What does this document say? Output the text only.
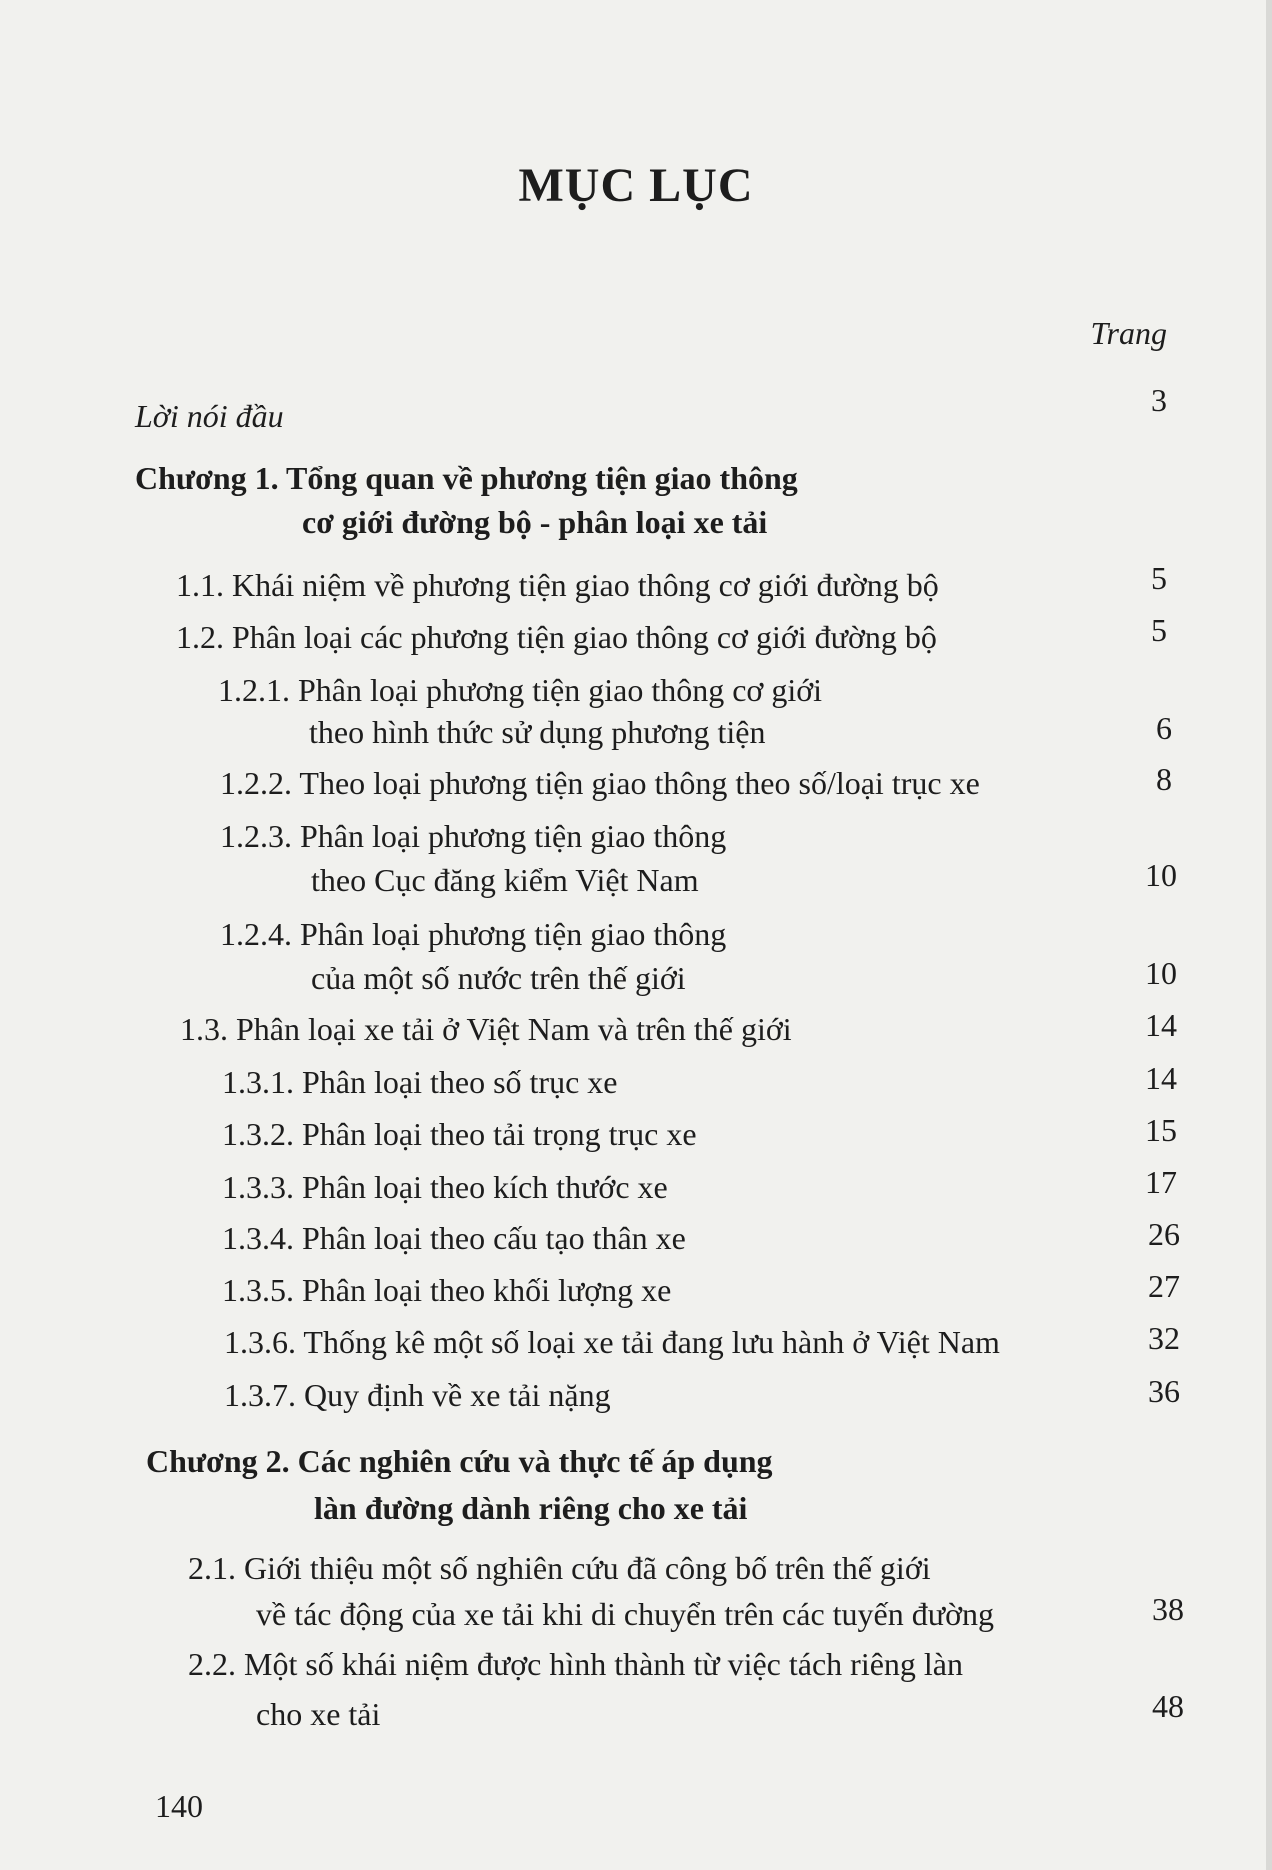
MỤC LỤC
Trang
Lời nói đầu	3
Chương 1. Tổng quan về phương tiện giao thông
cơ giới đường bộ - phân loại xe tải
1.1. Khái niệm về phương tiện giao thông cơ giới đường bộ	5
1.2. Phân loại các phương tiện giao thông cơ giới đường bộ	5
1.2.1. Phân loại phương tiện giao thông cơ giới
theo hình thức sử dụng phương tiện	6
1.2.2. Theo loại phương tiện giao thông theo số/loại trục xe	8
1.2.3. Phân loại phương tiện giao thông
theo Cục đăng kiểm Việt Nam	10
1.2.4. Phân loại phương tiện giao thông
của một số nước trên thế giới	10
1.3. Phân loại xe tải ở Việt Nam và trên thế giới	14
1.3.1. Phân loại theo số trục xe	14
1.3.2. Phân loại theo tải trọng trục xe	15
1.3.3. Phân loại theo kích thước xe	17
1.3.4. Phân loại theo cấu tạo thân xe	26
1.3.5. Phân loại theo khối lượng xe	27
1.3.6. Thống kê một số loại xe tải đang lưu hành ở Việt Nam	32
1.3.7. Quy định về xe tải nặng	36
Chương 2. Các nghiên cứu và thực tế áp dụng
làn đường dành riêng cho xe tải
2.1. Giới thiệu một số nghiên cứu đã công bố trên thế giới
về tác động của xe tải khi di chuyển trên các tuyến đường	38
2.2. Một số khái niệm được hình thành từ việc tách riêng làn
cho xe tải	48
140
